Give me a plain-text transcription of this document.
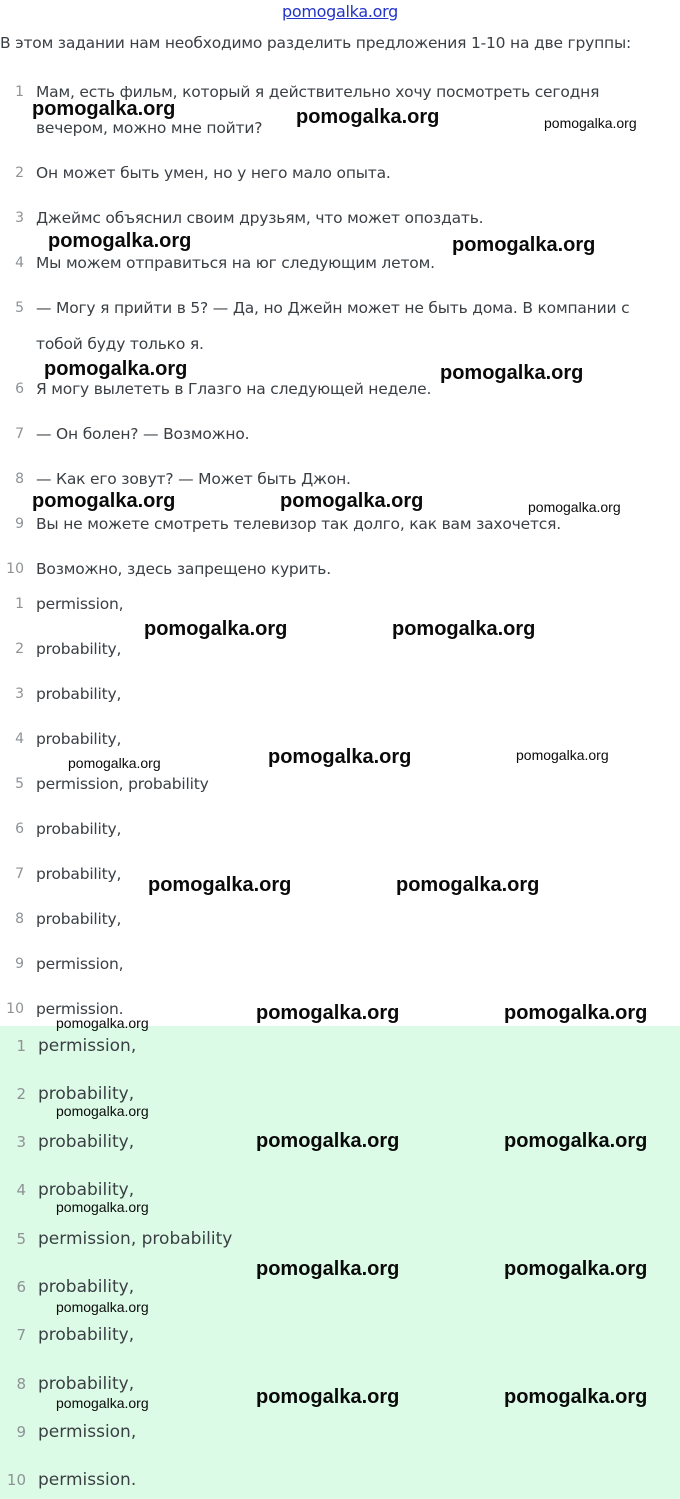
pomogalka.org
В этом задании нам необходимо разделить предложения 1-10 на две группы:
1 Мам, есть фильм, который я действительно хочу посмотреть сегодня
вечером, можно мне пойти?
2 Он может быть умен, но у него мало опыта.
3 Джеймс объяснил своим друзьям, что может опоздать.
4 Мы можем отправиться на юг следующим летом.
5 — Могу я прийти в 5? — Да, но Джейн может не быть дома. В компании с
тобой буду только я.
6 Я могу вылететь в Глазго на следующей неделе.
7 — Он болен? — Возможно.
8 — Как его зовут? — Может быть Джон.
9 Вы не можете смотреть телевизор так долго, как вам захочется.
10 Возможно, здесь запрещено курить.
1 permission,
2 probability,
3 probability,
4 probability,
5 permission, probability
6 probability,
7 probability,
8 probability,
9 permission,
10 permission.
1 permission,
2 probability,
3 probability,
4 probability,
5 permission, probability
6 probability,
7 probability,
8 probability,
9 permission,
10 permission.
pomogalka.org	pomogalka.org	pomogalka.org
pomogalka.org	pomogalka.org
pomogalka.org	pomogalka.org
pomogalka.org	pomogalka.org	pomogalka.org
pomogalka.org	pomogalka.org
pomogalka.org	pomogalka.org	pomogalka.org
pomogalka.org	pomogalka.org
pomogalka.org	pomogalka.org	pomogalka.org
pomogalka.org
pomogalka.org	pomogalka.org
pomogalka.org
pomogalka.org	pomogalka.org
pomogalka.org
pomogalka.org	pomogalka.org	pomogalka.org
